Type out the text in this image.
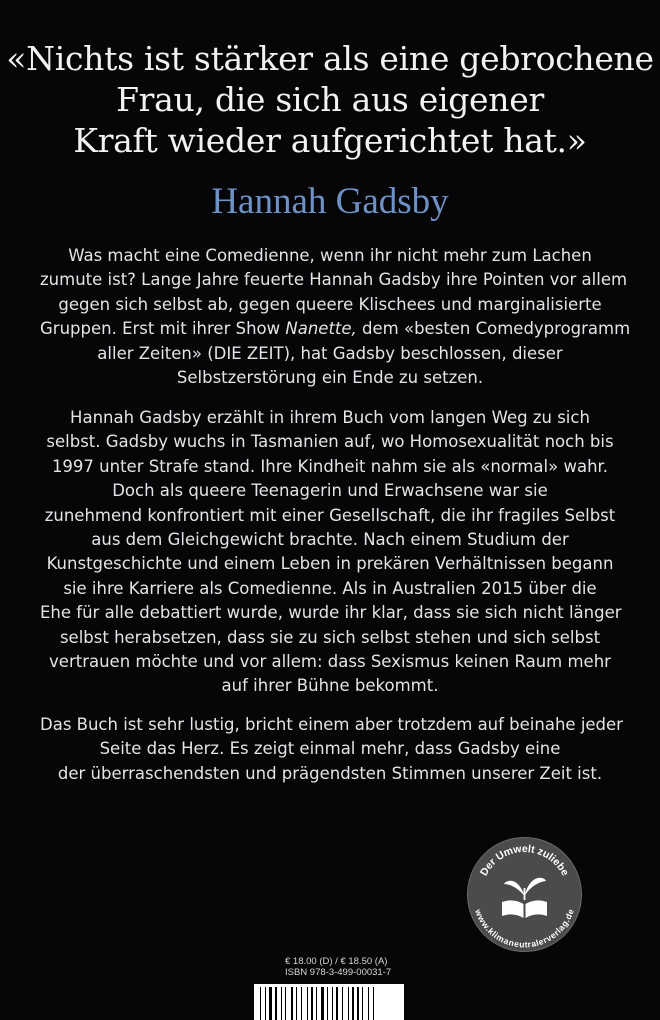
«Nichts ist stärker als eine gebrochene
Frau, die sich aus eigener
Kraft wieder aufgerichtet hat.»
Hannah Gadsby
Was macht eine Comedienne, wenn ihr nicht mehr zum Lachen
zumute ist? Lange Jahre feuerte Hannah Gadsby ihre Pointen vor allem
gegen sich selbst ab, gegen queere Klischees und marginalisierte
Gruppen. Erst mit ihrer Show Nanette, dem «besten Comedyprogramm
aller Zeiten» (DIE ZEIT), hat Gadsby beschlossen, dieser
Selbstzerstörung ein Ende zu setzen.
Hannah Gadsby erzählt in ihrem Buch vom langen Weg zu sich
selbst. Gadsby wuchs in Tasmanien auf, wo Homosexualität noch bis
1997 unter Strafe stand. Ihre Kindheit nahm sie als «normal» wahr.
Doch als queere Teenagerin und Erwachsene war sie
zunehmend konfrontiert mit einer Gesellschaft, die ihr fragiles Selbst
aus dem Gleichgewicht brachte. Nach einem Studium der
Kunstgeschichte und einem Leben in prekären Verhältnissen begann
sie ihre Karriere als Comedienne. Als in Australien 2015 über die
Ehe für alle debattiert wurde, wurde ihr klar, dass sie sich nicht länger
selbst herabsetzen, dass sie zu sich selbst stehen und sich selbst
vertrauen möchte und vor allem: dass Sexismus keinen Raum mehr
auf ihrer Bühne bekommt.
Das Buch ist sehr lustig, bricht einem aber trotzdem auf beinahe jeder
Seite das Herz. Es zeigt einmal mehr, dass Gadsby eine
der überraschendsten und prägendsten Stimmen unserer Zeit ist.
Der Umwelt zuliebe
www.klimaneutralerverlag.de
€ 18.00 (D) / € 18.50 (A)
ISBN 978-3-499-00031-7
